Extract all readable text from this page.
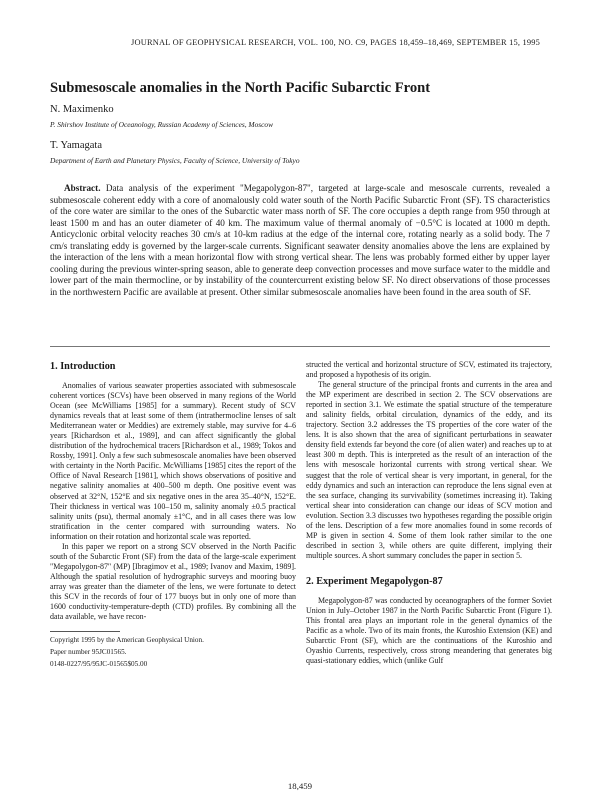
JOURNAL OF GEOPHYSICAL RESEARCH, VOL. 100, NO. C9, PAGES 18,459–18,469, SEPTEMBER 15, 1995
Submesoscale anomalies in the North Pacific Subarctic Front
N. Maximenko
P. Shirshov Institute of Oceanology, Russian Academy of Sciences, Moscow
T. Yamagata
Department of Earth and Planetary Physics, Faculty of Science, University of Tokyo
Abstract. Data analysis of the experiment "Megapolygon-87", targeted at large-scale and mesoscale currents, revealed a submesoscale coherent eddy with a core of anomalously cold water south of the North Pacific Subarctic Front (SF). TS characteristics of the core water are similar to the ones of the Subarctic water mass north of SF. The core occupies a depth range from 950 through at least 1500 m and has an outer diameter of 40 km. The maximum value of thermal anomaly of −0.5°C is located at 1000 m depth. Anticyclonic orbital velocity reaches 30 cm/s at 10-km radius at the edge of the internal core, rotating nearly as a solid body. The 7 cm/s translating eddy is governed by the larger-scale currents. Significant seawater density anomalies above the lens are explained by the interaction of the lens with a mean horizontal flow with strong vertical shear. The lens was probably formed either by upper layer cooling during the previous winter-spring season, able to generate deep convection processes and move surface water to the middle and lower part of the main thermocline, or by instability of the countercurrent existing below SF. No direct observations of those processes in the northwestern Pacific are available at present. Other similar submesoscale anomalies have been found in the area south of SF.
1. Introduction

Anomalies of various seawater properties associated with submesoscale coherent vortices (SCVs) have been observed in many regions of the World Ocean (see McWilliams [1985] for a summary). Recent study of SCV dynamics reveals that at least some of them (intrathermocline lenses of salt Mediterranean water or Meddies) are extremely stable, may survive for 4–6 years [Richardson et al., 1989], and can affect significantly the global distribution of the hydrochemical tracers [Richardson et al., 1989; Tokos and Rossby, 1991]. Only a few such submesoscale anomalies have been observed with certainty in the North Pacific. McWilliams [1985] cites the report of the Office of Naval Research [1981], which shows observations of positive and negative salinity anomalies at 400–500 m depth. One positive event was observed at 32°N, 152°E and six negative ones in the area 35–40°N, 152°E. Their thickness in vertical was 100–150 m, salinity anomaly ±0.5 practical salinity units (psu), thermal anomaly ±1°C, and in all cases there was low stratification in the center compared with surrounding waters. No information on their rotation and horizontal scale was reported.

In this paper we report on a strong SCV observed in the North Pacific south of the Subarctic Front (SF) from the data of the large-scale experiment "Megapolygon-87" (MP) [Ibragimov et al., 1989; Ivanov and Maxim, 1989]. Although the spatial resolution of hydrographic surveys and mooring buoy array was greater than the diameter of the lens, we were fortunate to detect this SCV in the records of four of 177 buoys but in only one of more than 1600 conductivity-temperature-depth (CTD) profiles. By combining all the data available, we have recon-

Copyright 1995 by the American Geophysical Union.
Paper number 95JC01565.
0148-0227/95/95JC-01565$05.00

structed the vertical and horizontal structure of SCV, estimated its trajectory, and proposed a hypothesis of its origin.

The general structure of the principal fronts and currents in the area and the MP experiment are described in section 2. The SCV observations are reported in section 3.1. We estimate the spatial structure of the temperature and salinity fields, orbital circulation, dynamics of the eddy, and its trajectory. Section 3.2 addresses the TS properties of the core water of the lens. It is also shown that the area of significant perturbations in seawater density field extends far beyond the core (of alien water) and reaches up to at least 300 m depth. This is interpreted as the result of an interaction of the lens with mesoscale horizontal currents with strong vertical shear. We suggest that the role of vertical shear is very important, in general, for the eddy dynamics and such an interaction can reproduce the lens signal even at the sea surface, changing its survivability (sometimes increasing it). Taking vertical shear into consideration can change our ideas of SCV motion and evolution. Section 3.3 discusses two hypotheses regarding the possible origin of the lens. Description of a few more anomalies found in some records of MP is given in section 4. Some of them look rather similar to the one described in section 3, while others are quite different, implying their multiple sources. A short summary concludes the paper in section 5.

2. Experiment Megapolygon-87

Megapolygon-87 was conducted by oceanographers of the former Soviet Union in July–October 1987 in the North Pacific Subarctic Front (Figure 1). This frontal area plays an important role in the general dynamics of the Pacific as a whole. Two of its main fronts, the Kuroshio Extension (KE) and Subarctic Front (SF), which are the continuations of the Kuroshio and Oyashio Currents, respectively, cross strong meandering that generates big quasi-stationary eddies, which (unlike Gulf

18,459
